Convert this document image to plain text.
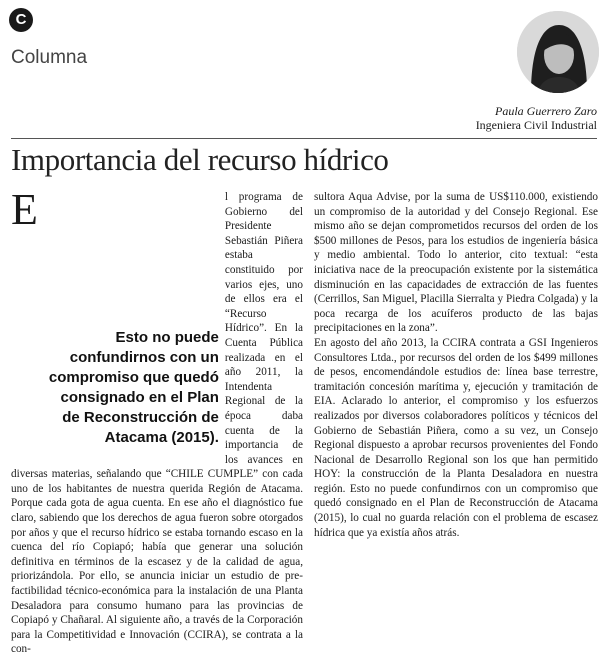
C
Columna
Paula Guerrero Zaro
Ingeniera Civil Industrial
Importancia del recurso hídrico

E
Esto no puede confundirnos con un compromiso que quedó consignado en el Plan de Reconstrucción de Atacama (2015).
l programa de Gobierno del Presidente Sebastián Piñera estaba constituido por varios ejes, uno de ellos era el “Recurso Hídrico”. En la Cuenta Pública realizada en el año 2011, la Intendenta Regional de la época daba cuenta de la importancia de los avances en diversas materias, señalando que “CHILE CUMPLE” con cada uno de los habitantes de nuestra querida Región de Atacama. Porque cada gota de agua cuenta. En ese año el diagnóstico fue claro, sabiendo que los derechos de agua fueron sobre otorgados por años y que el recurso hídrico se estaba tornando escaso en la cuenca del río Copiapó; había que generar una solución definitiva en términos de la escasez y de la calidad de agua, priorizándola. Por ello, se anuncia iniciar un estudio de pre-factibilidad técnico-económica para la instalación de una Planta Desaladora para consumo humano para las provincias de Copiapó y Chañaral. Al siguiente año, a través de la Corporación para la Competitividad e Innovación (CCIRA), se contrata a la con-

sultora Aqua Advise, por la suma de US$110.000, existiendo un compromiso de la autoridad y del Consejo Regional. Ese mismo año se dejan comprometidos recursos del orden de los $500 millones de Pesos, para los estudios de ingeniería básica y medio ambiental. Todo lo anterior, cito textual: “esta iniciativa nace de la preocupación existente por la sistemática disminución en las capacidades de extracción de las fuentes (Cerrillos, San Miguel, Placilla Sierralta y Piedra Colgada) y la poca recarga de los acuíferos producto de las bajas precipitaciones en la zona”.

En agosto del año 2013, la CCIRA contrata a GSI Ingenieros Consultores Ltda., por recursos del orden de los $499 millones de pesos, encomendándole estudios de: línea base terrestre, tramitación concesión marítima y, ejecución y tramitación de EIA. Aclarado lo anterior, el compromiso y los esfuerzos realizados por diversos colaboradores políticos y técnicos del Gobierno de Sebastián Piñera, como a su vez, un Consejo Regional dispuesto a aprobar recursos provenientes del Fondo Nacional de Desarrollo Regional son los que han permitido HOY: la construcción de la Planta Desaladora en nuestra región. Esto no puede confundirnos con un compromiso que quedó consignado en el Plan de Reconstrucción de Atacama (2015), lo cual no guarda relación con el problema de escasez hídrica que ya existía años atrás.
